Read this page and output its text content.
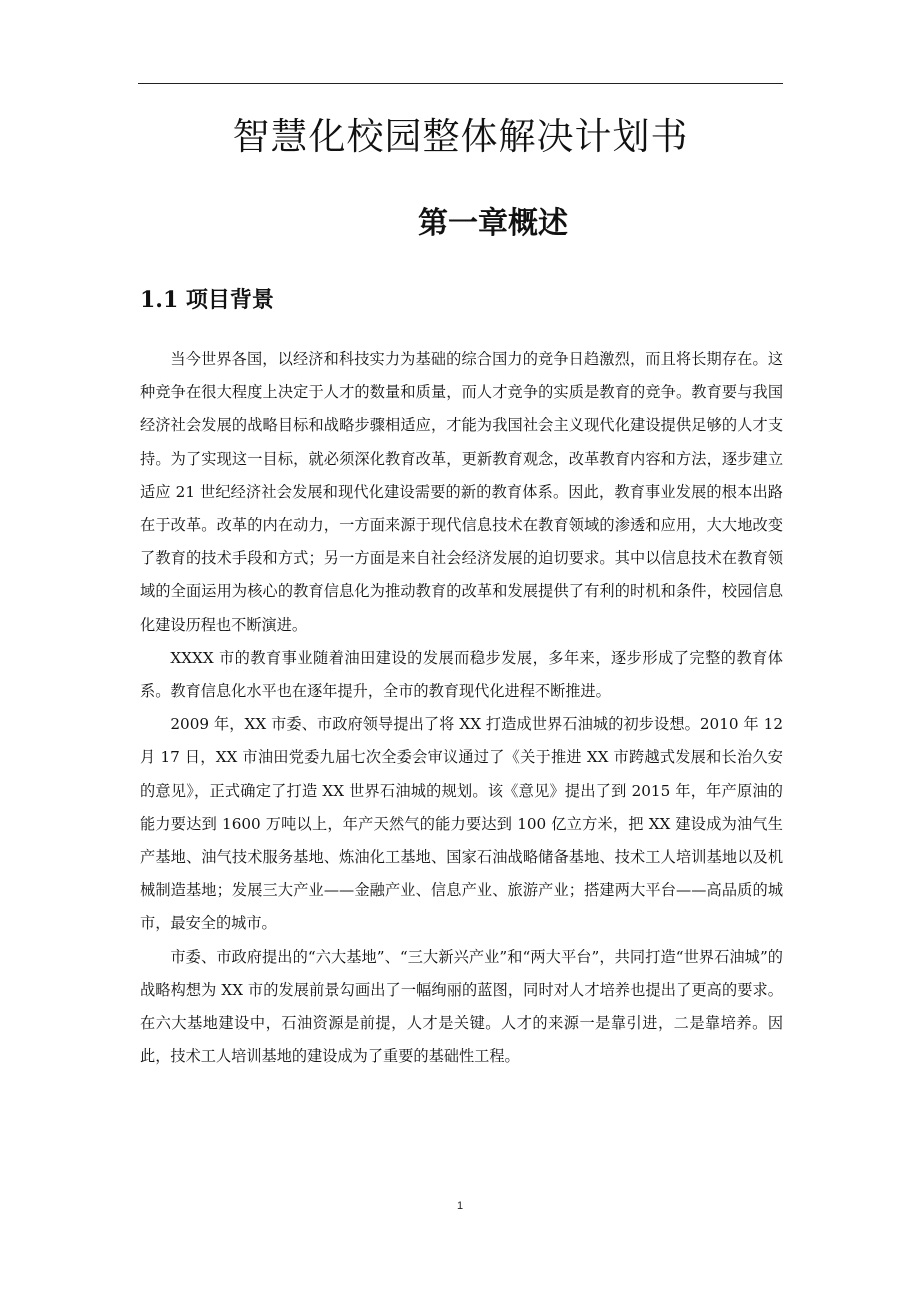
智慧化校园整体解决计划书
第一章概述
1.1 项目背景

当今世界各国，以经济和科技实力为基础的综合国力的竞争日趋激烈，而且将长期存在。这种竞争在很大程度上决定于人才的数量和质量，而人才竞争的实质是教育的竞争。教育要与我国经济社会发展的战略目标和战略步骤相适应，才能为我国社会主义现代化建设提供足够的人才支持。为了实现这一目标，就必须深化教育改革，更新教育观念，改革教育内容和方法，逐步建立适应 21 世纪经济社会发展和现代化建设需要的新的教育体系。因此，教育事业发展的根本出路在于改革。改革的内在动力，一方面来源于现代信息技术在教育领域的渗透和应用，大大地改变了教育的技术手段和方式；另一方面是来自社会经济发展的迫切要求。其中以信息技术在教育领域的全面运用为核心的教育信息化为推动教育的改革和发展提供了有利的时机和条件，校园信息化建设历程也不断演进。

XXXX 市的教育事业随着油田建设的发展而稳步发展，多年来，逐步形成了完整的教育体系。教育信息化水平也在逐年提升，全市的教育现代化进程不断推进。

2009 年，XX 市委、市政府领导提出了将 XX 打造成世界石油城的初步设想。2010 年 12 月 17 日，XX 市油田党委九届七次全委会审议通过了《关于推进 XX 市跨越式发展和长治久安的意见》，正式确定了打造 XX 世界石油城的规划。该《意见》提出了到 2015 年，年产原油的能力要达到 1600 万吨以上，年产天然气的能力要达到 100 亿立方米，把 XX 建设成为油气生产基地、油气技术服务基地、炼油化工基地、国家石油战略储备基地、技术工人培训基地以及机械制造基地；发展三大产业——金融产业、信息产业、旅游产业；搭建两大平台——高品质的城市，最安全的城市。

市委、市政府提出的“六大基地”、“三大新兴产业”和“两大平台”，共同打造“世界石油城”的战略构想为 XX 市的发展前景勾画出了一幅绚丽的蓝图，同时对人才培养也提出了更高的要求。在六大基地建设中，石油资源是前提，人才是关键。人才的来源一是靠引进，二是靠培养。因此，技术工人培训基地的建设成为了重要的基础性工程。

1
